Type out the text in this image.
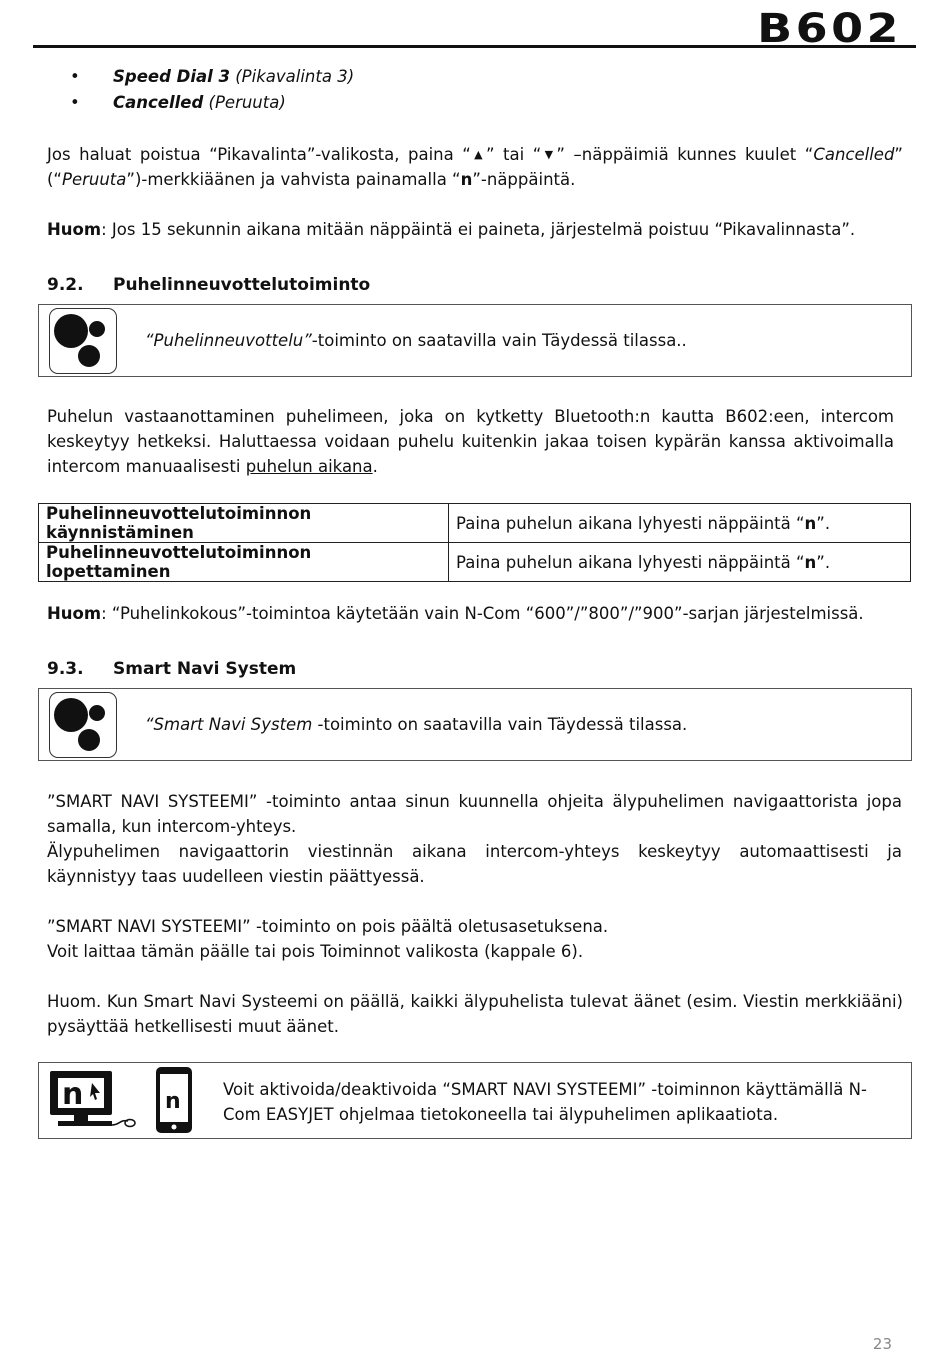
B602
• Speed Dial 3 (Pikavalinta 3)
• Cancelled (Peruuta)
Jos haluat poistua “Pikavalinta”-valikosta, paina “▲” tai “▼” –näppäimiä kunnes kuulet “Cancelled” (“Peruuta”)-merkkiäänen ja vahvista painamalla “n”-näppäintä.
Huom: Jos 15 sekunnin aikana mitään näppäintä ei paineta, järjestelmä poistuu “Pikavalinnasta”.
9.2. Puhelinneuvottelutoiminto
“Puhelinneuvottelu”-toiminto on saatavilla vain Täydessä tilassa..
Puhelun vastaanottaminen puhelimeen, joka on kytketty Bluetooth:n kautta B602:een, intercom keskeytyy hetkeksi. Haluttaessa voidaan puhelu kuitenkin jakaa toisen kypärän kanssa aktivoimalla intercom manuaalisesti puhelun aikana.
Puhelinneuvottelutoiminnon käynnistäminen	Paina puhelun aikana lyhyesti näppäintä “n”.
Puhelinneuvottelutoiminnon lopettaminen	Paina puhelun aikana lyhyesti näppäintä “n”.
Huom: “Puhelinkokous”-toimintoa käytetään vain N-Com “600”/”800”/”900”-sarjan järjestelmissä.
9.3. Smart Navi System
“Smart Navi System -toiminto on saatavilla vain Täydessä tilassa.
”SMART NAVI SYSTEEMI” -toiminto antaa sinun kuunnella ohjeita älypuhelimen navigaattorista jopa samalla, kun intercom-yhteys.
Älypuhelimen navigaattorin viestinnän aikana intercom-yhteys keskeytyy automaattisesti ja käynnistyy taas uudelleen viestin päättyessä.
”SMART NAVI SYSTEEMI” -toiminto on pois päältä oletusasetuksena.
Voit laittaa tämän päälle tai pois Toiminnot valikosta (kappale 6).
Huom. Kun Smart Navi Systeemi on päällä, kaikki älypuhelista tulevat äänet (esim. Viestin merkkiääni) pysäyttää hetkellisesti muut äänet.
n	n	Voit aktivoida/deaktivoida “SMART NAVI SYSTEEMI” -toiminnon käyttämällä N-Com EASYJET ohjelmaa tietokoneella tai älypuhelimen aplikaatiota.
23
